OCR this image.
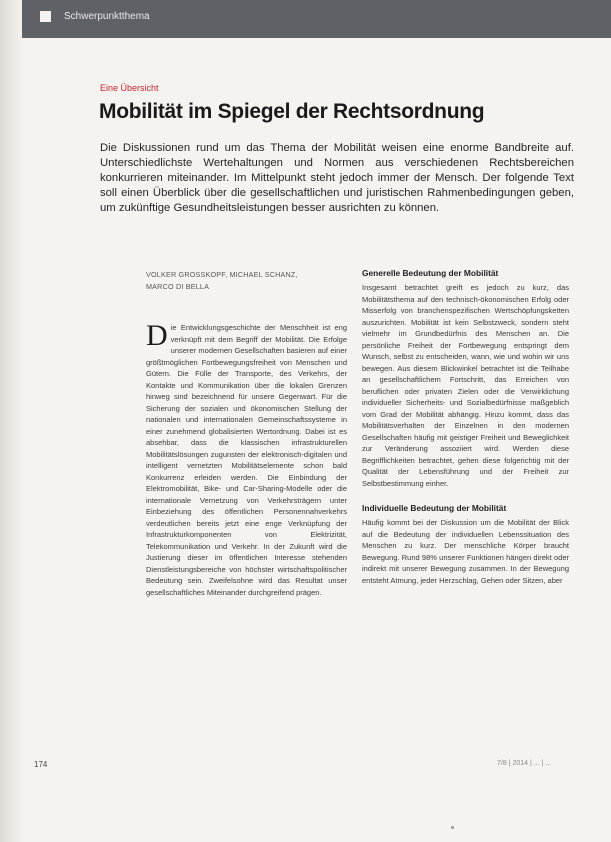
Schwerpunktthema
Eine Übersicht
Mobilität im Spiegel der Rechtsordnung
Die Diskussionen rund um das Thema der Mobilität weisen eine enorme Bandbreite auf. Unterschiedlichste Wertehaltungen und Normen aus verschiedenen Rechtsbereichen konkurrieren miteinander. Im Mittelpunkt steht jedoch immer der Mensch. Der folgende Text soll einen Überblick über die gesellschaftlichen und juristischen Rahmenbedingungen geben, um zukünftige Gesundheitsleistungen besser ausrichten zu können.
VOLKER GROSSKOPF, MICHAEL SCHANZ,
MARCO DI BELLA
Die Entwicklungsgeschichte der Menschheit ist eng verknüpft mit dem Begriff der Mobilität. Die Erfolge unserer modernen Gesellschaften basieren auf einer größtmöglichen Fortbewegungsfreiheit von Menschen und Gütern. Die Fülle der Transporte, des Verkehrs, der Kontakte und Kommunikation über die lokalen Grenzen hinweg sind bezeichnend für unsere Gegenwart. Für die Sicherung der sozialen und ökonomischen Stellung der nationalen und internationalen Gemeinschaftssysteme in einer zunehmend globalisierten Wertordnung. Dabei ist es absehbar, dass die klassischen infrastrukturellen Mobilitätslösungen zugunsten der elektronisch-digitalen und intelligent vernetzten Mobilitätselemente schon bald Konkurrenz erleiden werden. Die Einbindung der Elektromobilität, Bike- und Car-Sharing-Modelle oder die internationale Vernetzung von Verkehrsträgern unter Einbeziehung des öffentlichen Personennahverkehrs verdeutlichen bereits jetzt eine enge Verknüpfung der Infrastrukturkomponenten von Elektrizität, Telekommunikation und Verkehr. In der Zukunft wird die Justierung dieser im öffentlichen Interesse stehenden Dienstleistungsbereiche von höchster wirtschaftspolitischer Bedeutung sein. Zweifelsohne wird das Resultat unser gesellschaftliches Miteinander durchgreifend prägen.
Generelle Bedeutung der Mobilität

Insgesamt betrachtet greift es jedoch zu kurz, das Mobilitätsthema auf den technisch-ökonomischen Erfolg oder Misserfolg von branchenspezifischen Wertschöpfungsketten auszurichten. Mobilität ist kein Selbstzweck, sondern steht vielmehr im Grundbedürfnis des Menschen an. Die persönliche Freiheit der Fortbewegung entspringt dem Wunsch, selbst zu entscheiden, wann, wie und wohin wir uns bewegen. Aus diesem Blickwinkel betrachtet ist die Teilhabe an gesellschaftlichem Fortschritt, das Erreichen von beruflichen oder privaten Zielen oder die Verwirklichung individueller Sicherheits- und Sozialbedürfnisse maßgeblich vom Grad der Mobilität abhängig. Hinzu kommt, dass das Mobilitätsverhalten der Einzelnen in den modernen Gesellschaften häufig mit geistiger Freiheit und Beweglichkeit zur Veränderung assoziiert wird. Werden diese Begrifflichkeiten betrachtet, gehen diese folgerichtig mit der Qualität der Lebensführung und der Freiheit zur Selbstbestimmung einher.

Individuelle Bedeutung der Mobilität

Häufig kommt bei der Diskussion um die Mobilität der Blick auf die Bedeutung der individuellen Lebenssituation des Menschen zu kurz. Der menschliche Körper braucht Bewegung. Rund 98% unserer Funktionen hängen direkt oder indirekt mit unserer Bewegung zusammen. In der Bewegung entsteht Atmung, jeder Herzschlag, Gehen oder Sitzen, aber

174	7/8 | 2014 | ... | ...
